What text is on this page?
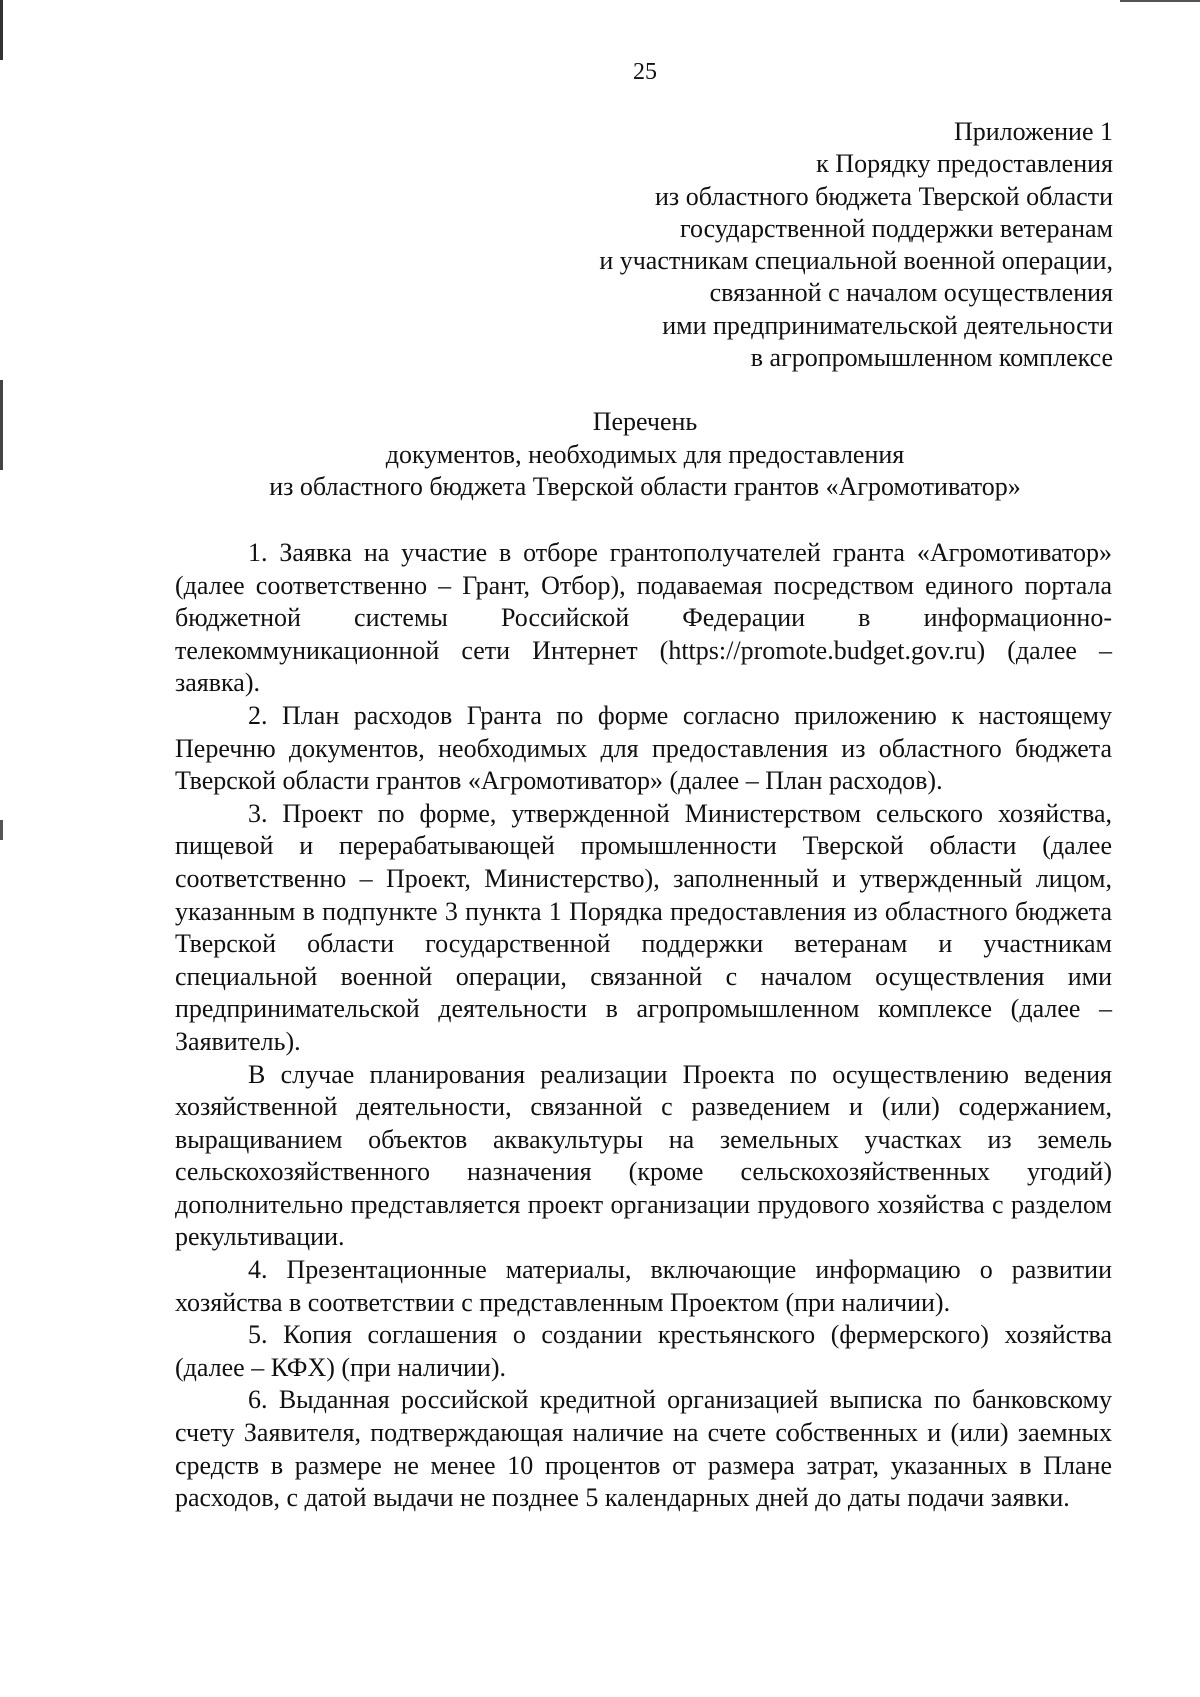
25
Приложение 1
к Порядку предоставления
из областного бюджета Тверской области
государственной поддержки ветеранам
и участникам специальной военной операции,
связанной с началом осуществления
ими предпринимательской деятельности
в агропромышленном комплексе
Перечень
документов, необходимых для предоставления
из областного бюджета Тверской области грантов «Агромотиватор»

1. Заявка на участие в отборе грантополучателей гранта «Агромотиватор» (далее соответственно – Грант, Отбор), подаваемая посредством единого портала бюджетной системы Российской Федерации в информационно-телекоммуникационной сети Интернет (https://promote.budget.gov.ru) (далее – заявка).

2. План расходов Гранта по форме согласно приложению к настоящему Перечню документов, необходимых для предоставления из областного бюджета Тверской области грантов «Агромотиватор» (далее – План расходов).

3. Проект по форме, утвержденной Министерством сельского хозяйства, пищевой и перерабатывающей промышленности Тверской области (далее соответственно – Проект, Министерство), заполненный и утвержденный лицом, указанным в подпункте 3 пункта 1 Порядка предоставления из областного бюджета Тверской области государственной поддержки ветеранам и участникам специальной военной операции, связанной с началом осуществления ими предпринимательской деятельности в агропромышленном комплексе (далее – Заявитель).

В случае планирования реализации Проекта по осуществлению ведения хозяйственной деятельности, связанной с разведением и (или) содержанием, выращиванием объектов аквакультуры на земельных участках из земель сельскохозяйственного назначения (кроме сельскохозяйственных угодий) дополнительно представляется проект организации прудового хозяйства с разделом рекультивации.

4. Презентационные материалы, включающие информацию о развитии хозяйства в соответствии с представленным Проектом (при наличии).

5. Копия соглашения о создании крестьянского (фермерского) хозяйства (далее – КФХ) (при наличии).

6. Выданная российской кредитной организацией выписка по банковскому счету Заявителя, подтверждающая наличие на счете собственных и (или) заемных средств в размере не менее 10 процентов от размера затрат, указанных в Плане расходов, с датой выдачи не позднее 5 календарных дней до даты подачи заявки.
